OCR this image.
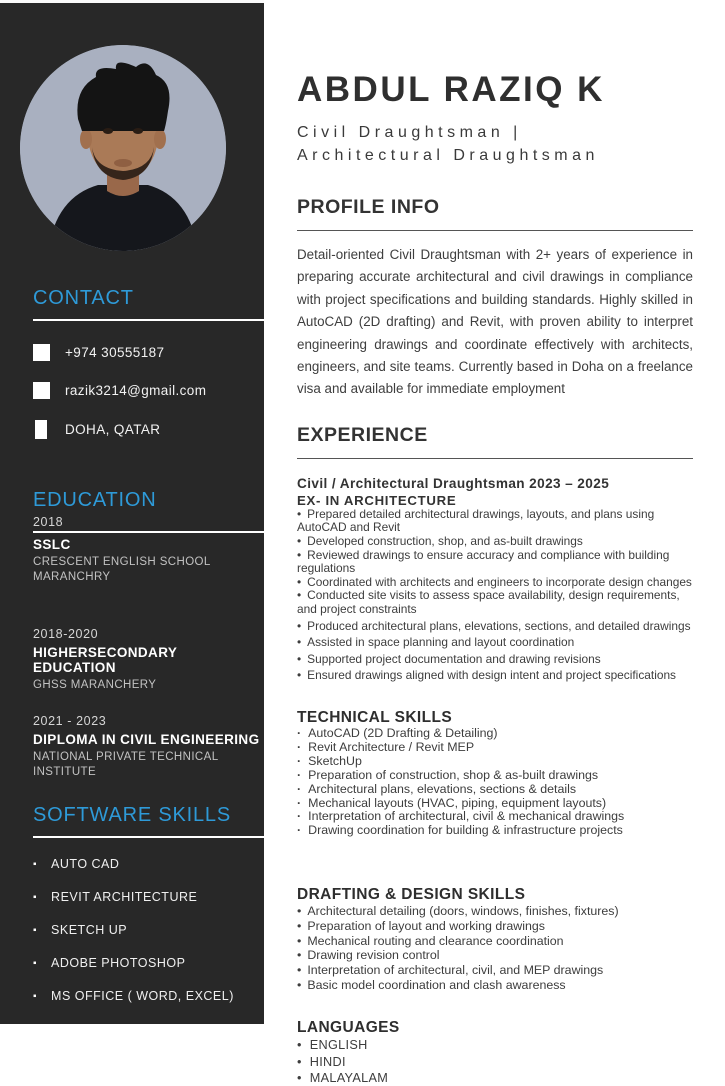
CONTACT
+974 30555187
razik3214@gmail.com
DOHA, QATAR
EDUCATION
2018
SSLC
CRESCENT ENGLISH SCHOOL
MARANCHRY
2018-2020
HIGHERSECONDARY EDUCATION
GHSS MARANCHERY
2021 - 2023
DIPLOMA IN CIVIL ENGINEERING
NATIONAL PRIVATE TECHNICAL
INSTITUTE
SOFTWARE SKILLS
▪ AUTO CAD
▪ REVIT ARCHITECTURE
▪ SKETCH UP
▪ ADOBE PHOTOSHOP
▪ MS OFFICE ( WORD, EXCEL)
ABDUL RAZIQ K
Civil Draughtsman |
Architectural Draughtsman
PROFILE INFO

Detail-oriented Civil Draughtsman with 2+ years of experience in preparing accurate architectural and civil drawings in compliance with project specifications and building standards. Highly skilled in AutoCAD (2D drafting) and Revit, with proven ability to interpret engineering drawings and coordinate effectively with architects, engineers, and site teams. Currently based in Doha on a freelance visa and available for immediate employment

EXPERIENCE
Civil / Architectural Draughtsman 2023 – 2025
EX- IN ARCHITECTURE
• Prepared detailed architectural drawings, layouts, and plans using AutoCAD and Revit
• Developed construction, shop, and as-built drawings
• Reviewed drawings to ensure accuracy and compliance with building regulations
• Coordinated with architects and engineers to incorporate design changes
• Conducted site visits to assess space availability, design requirements, and project constraints
• Produced architectural plans, elevations, sections, and detailed drawings
• Assisted in space planning and layout coordination
• Supported project documentation and drawing revisions
• Ensured drawings aligned with design intent and project specifications
TECHNICAL SKILLS
· AutoCAD (2D Drafting & Detailing)
· Revit Architecture / Revit MEP
· SketchUp
· Preparation of construction, shop & as-built drawings
· Architectural plans, elevations, sections & details
· Mechanical layouts (HVAC, piping, equipment layouts)
· Interpretation of architectural, civil & mechanical drawings
· Drawing coordination for building & infrastructure projects
DRAFTING & DESIGN SKILLS
• Architectural detailing (doors, windows, finishes, fixtures)
• Preparation of layout and working drawings
• Mechanical routing and clearance coordination
• Drawing revision control
• Interpretation of architectural, civil, and MEP drawings
• Basic model coordination and clash awareness
LANGUAGES
• ENGLISH
• HINDI
• MALAYALAM
